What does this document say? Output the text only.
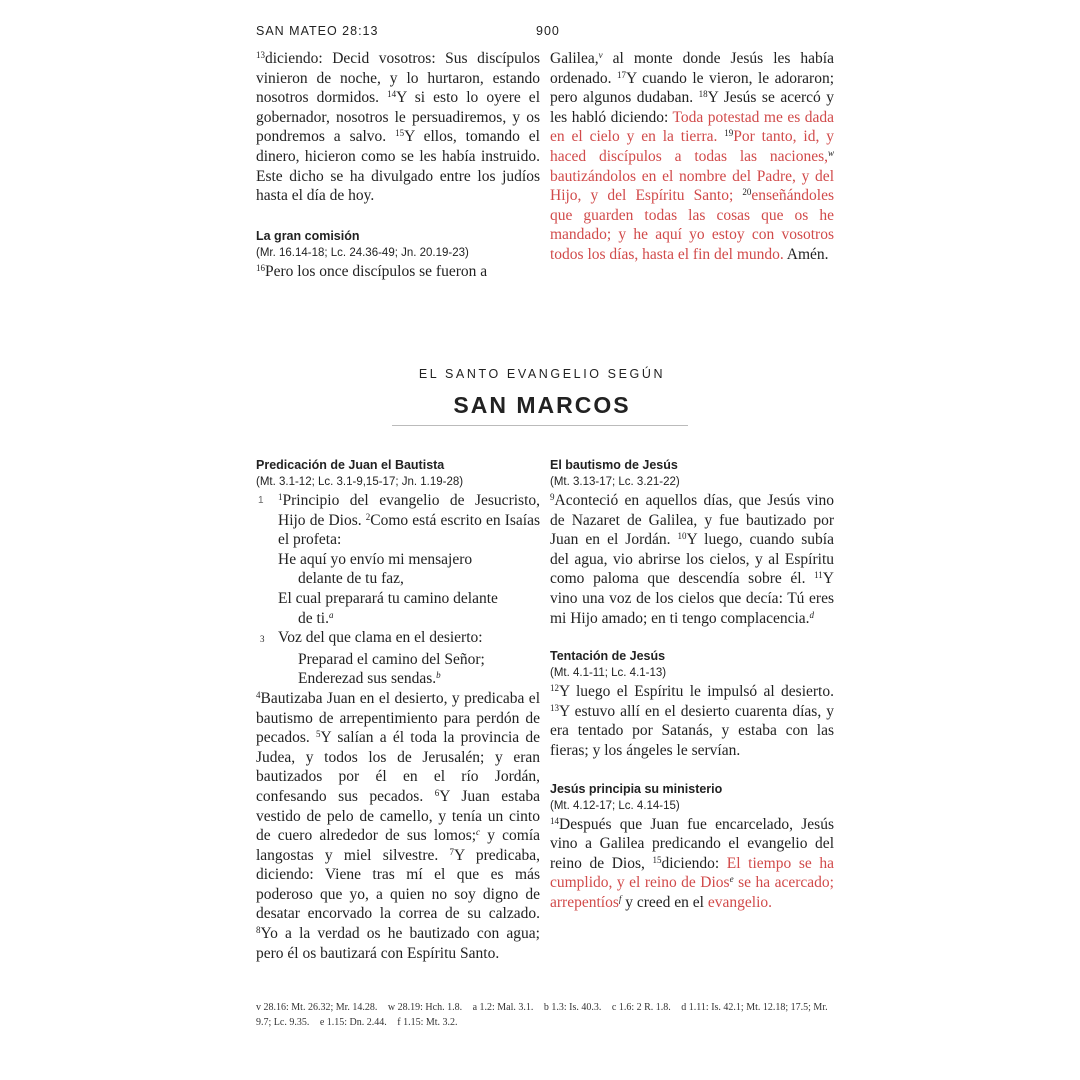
SAN MATEO 28:13	900

$^{13}$diciendo: Decid vosotros: Sus discípulos vinieron de noche, y lo hurtaron, estando nosotros dormidos. $^{14}$Y si esto lo oyere el gobernador, nosotros le persuadiremos, y os pondremos a salvo. $^{15}$Y ellos, tomando el dinero, hicieron como se les había instruido. Este dicho se ha divulgado entre los judíos hasta el día de hoy.

La gran comisión

(Mr. 16.14-18; Lc. 24.36-49; Jn. 20.19-23)

$^{16}$Pero los once discípulos se fueron a

Galilea,$^v$ al monte donde Jesús les había ordenado. $^{17}$Y cuando le vieron, le adoraron; pero algunos dudaban. $^{18}$Y Jesús se acercó y les habló diciendo: Toda potestad me es dada en el cielo y en la tierra. $^{19}$Por tanto, id, y haced discípulos a todas las naciones,$^w$ bautizándolos en el nombre del Padre, y del Hijo, y del Espíritu Santo; $^{20}$enseñándoles que guarden todas las cosas que os he mandado; y he aquí yo estoy con vosotros todos los días, hasta el fin del mundo. Amén.

EL SANTO EVANGELIO SEGÚN
SAN MARCOS

Predicación de Juan el Bautista

(Mt. 3.1-12; Lc. 3.1-9,15-17; Jn. 1.19-28)

$^1$Principio del evangelio de Jesucristo, Hijo de Dios. $^2$Como está escrito en Isaías el profeta:

He aquí yo envío mi mensajero
delante de tu faz,
El cual preparará tu camino delante
de ti.$^a$
3 Voz del que clama en el desierto:
Preparad el camino del Señor;
Enderezad sus sendas.$^b$

$^4$Bautizaba Juan en el desierto, y predicaba el bautismo de arrepentimiento para perdón de pecados. $^5$Y salían a él toda la provincia de Judea, y todos los de Jerusalén; y eran bautizados por él en el río Jordán, confesando sus pecados. $^6$Y Juan estaba vestido de pelo de camello, y tenía un cinto de cuero alrededor de sus lomos;$^c$ y comía langostas y miel silvestre. $^7$Y predicaba, diciendo: Viene tras mí el que es más poderoso que yo, a quien no soy digno de desatar encorvado la correa de su calzado. $^8$Yo a la verdad os he bautizado con agua; pero él os bautizará con Espíritu Santo.

1

El bautismo de Jesús

(Mt. 3.13-17; Lc. 3.21-22)

$^9$Aconteció en aquellos días, que Jesús vino de Nazaret de Galilea, y fue bautizado por Juan en el Jordán. $^{10}$Y luego, cuando subía del agua, vio abrirse los cielos, y al Espíritu como paloma que descendía sobre él. $^{11}$Y vino una voz de los cielos que decía: Tú eres mi Hijo amado; en ti tengo complacencia.$^d$

Tentación de Jesús

(Mt. 4.1-11; Lc. 4.1-13)

$^{12}$Y luego el Espíritu le impulsó al desierto. $^{13}$Y estuvo allí en el desierto cuarenta días, y era tentado por Satanás, y estaba con las fieras; y los ángeles le servían.

Jesús principia su ministerio

(Mt. 4.12-17; Lc. 4.14-15)

$^{14}$Después que Juan fue encarcelado, Jesús vino a Galilea predicando el evangelio del reino de Dios, $^{15}$diciendo: El tiempo se ha cumplido, y el reino de Dios$^e$ se ha acercado; arrepentíos$^f$ y creed en el evangelio.

v 28.16: Mt. 26.32; Mr. 14.28. w 28.19: Hch. 1.8. a 1.2: Mal. 3.1. b 1.3: Is. 40.3. c 1.6: 2 R. 1.8. d 1.11: Is. 42.1; Mt. 12.18; 17.5; Mr. 9.7; Lc. 9.35. e 1.15: Dn. 2.44. f 1.15: Mt. 3.2.
